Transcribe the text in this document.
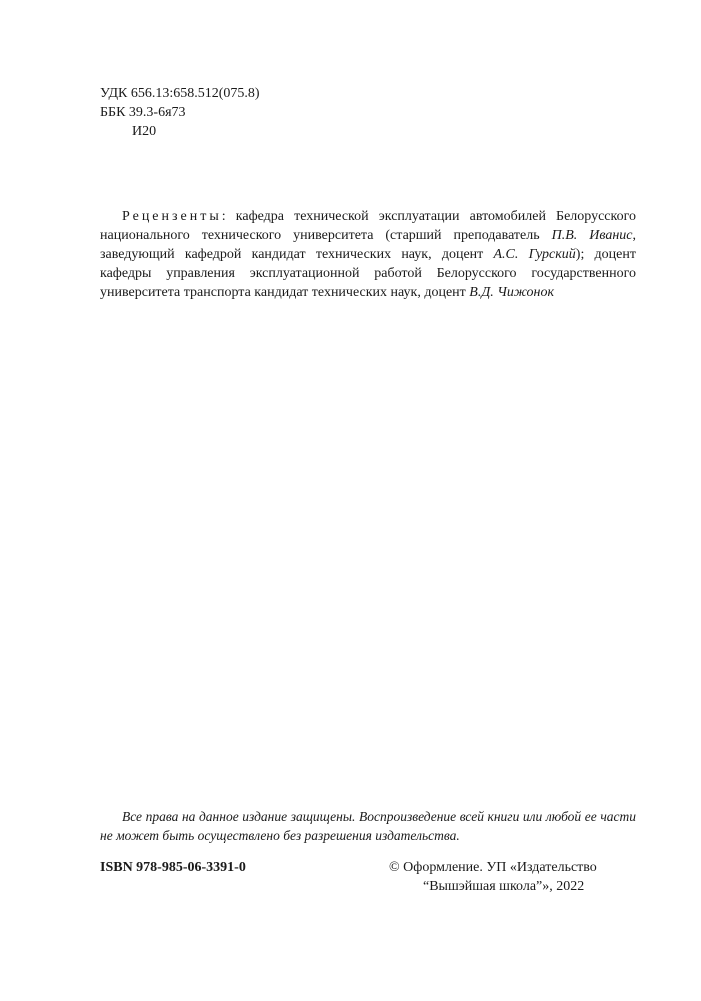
УДК 656.13:658.512(075.8)
ББК 39.3-6я73
И20
Рецензенты: кафедра технической эксплуатации автомобилей Белорусского национального технического университета (старший преподаватель П.В. Иванис, заведующий кафедрой кандидат технических наук, доцент А.С. Гурский); доцент кафедры управления эксплуатационной работой Белорусского государственного университета транспорта кандидат технических наук, доцент В.Д. Чижонок
Все права на данное издание защищены. Воспроизведение всей книги или любой ее части не может быть осуществлено без разрешения издательства.
ISBN 978-985-06-3391-0	© Оформление. УП «Издательство
“Вышэйшая школа”», 2022
